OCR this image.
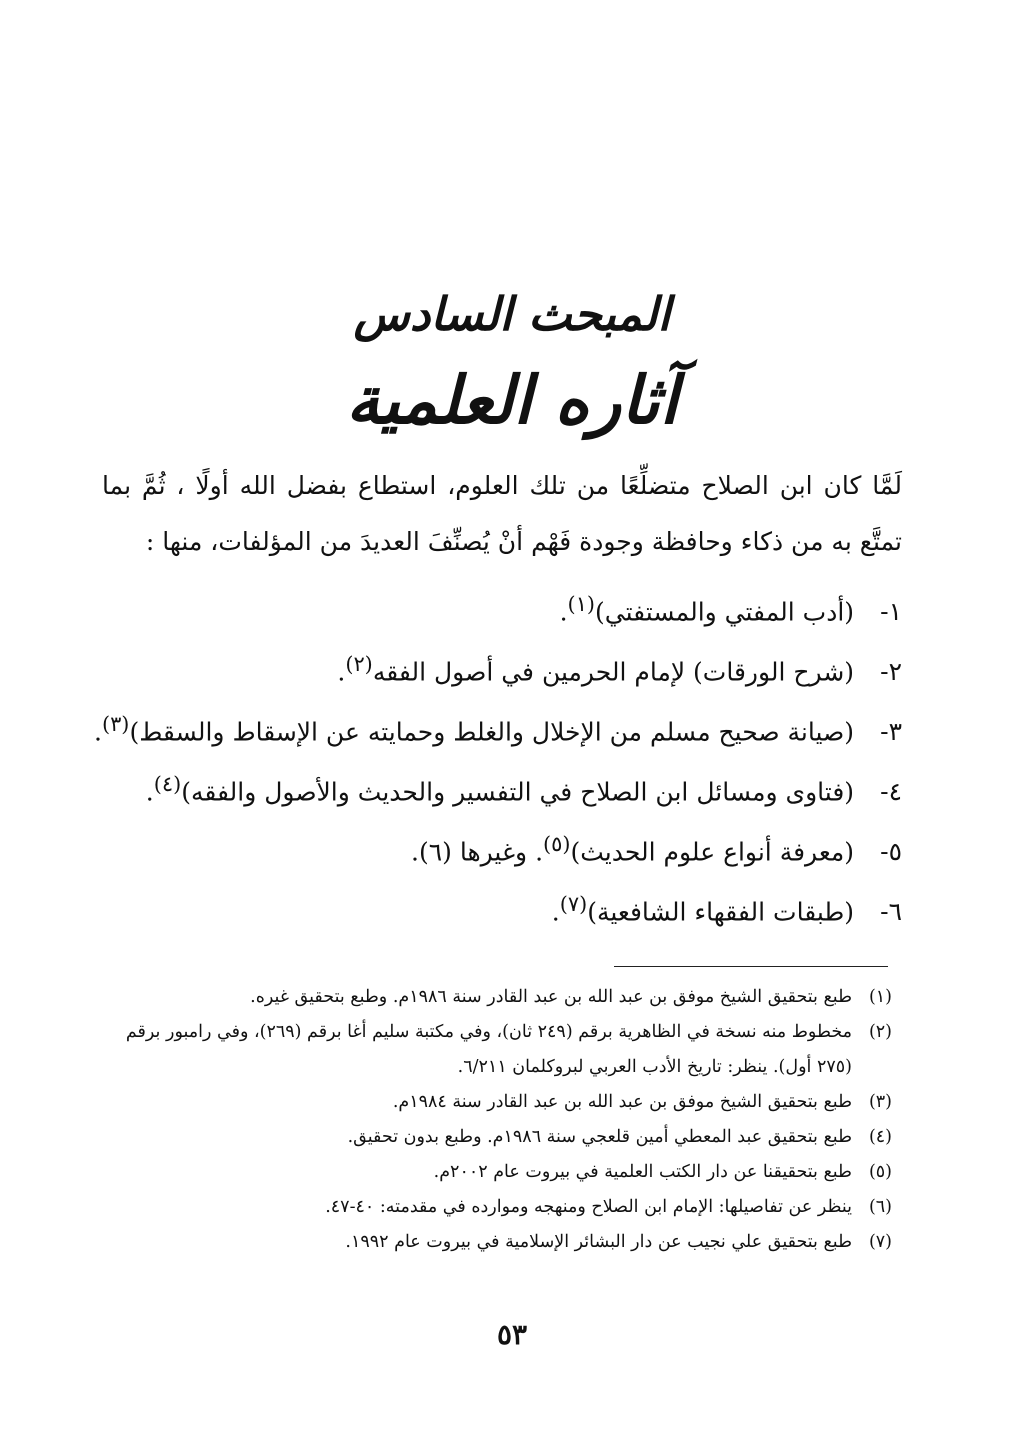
المبحث السادس
آثاره العلمية

لَمَّا كان ابن الصلاح متضلِّعًا من تلك العلوم، استطاع بفضل الله أولًا ، ثُمَّ بما تمتَّع به من ذكاء وحافظة وجودة فَهْم أنْ يُصنِّفَ العديدَ من المؤلفات، منها :

١- (أدب المفتي والمستفتي)$^{(١)}$.
٢- (شرح الورقات) لإمام الحرمين في أصول الفقه$^{(٢)}$.
٣- (صيانة صحيح مسلم من الإخلال والغلط وحمايته عن الإسقاط والسقط)$^{(٣)}$.
٤- (فتاوى ومسائل ابن الصلاح في التفسير والحديث والأصول والفقه)$^{(٤)}$.
٥- (معرفة أنواع علوم الحديث)$^{(٥)}$. وغيرها (٦).
٦- (طبقات الفقهاء الشافعية)$^{(٧)}$.
(١)
طبع بتحقيق الشيخ موفق بن عبد الله بن عبد القادر سنة ١٩٨٦م. وطبع بتحقيق غيره.
(٢)
مخطوط منه نسخة في الظاهرية برقم (٢٤٩ ثان)، وفي مكتبة سليم أغا برقم (٢٦٩)، وفي رامبور برقم (٢٧٥ أول). ينظر: تاريخ الأدب العربي لبروكلمان ٦/٢١١.
(٣)
طبع بتحقيق الشيخ موفق بن عبد الله بن عبد القادر سنة ١٩٨٤م.
(٤)
طبع بتحقيق عبد المعطي أمين قلعجي سنة ١٩٨٦م. وطبع بدون تحقيق.
(٥)
طبع بتحقيقنا عن دار الكتب العلمية في بيروت عام ٢٠٠٢م.
(٦)
ينظر عن تفاصيلها: الإمام ابن الصلاح ومنهجه وموارده في مقدمته: ٤٠-٤٧.
(٧)
طبع بتحقيق علي نجيب عن دار البشائر الإسلامية في بيروت عام ١٩٩٢.
٥٣
